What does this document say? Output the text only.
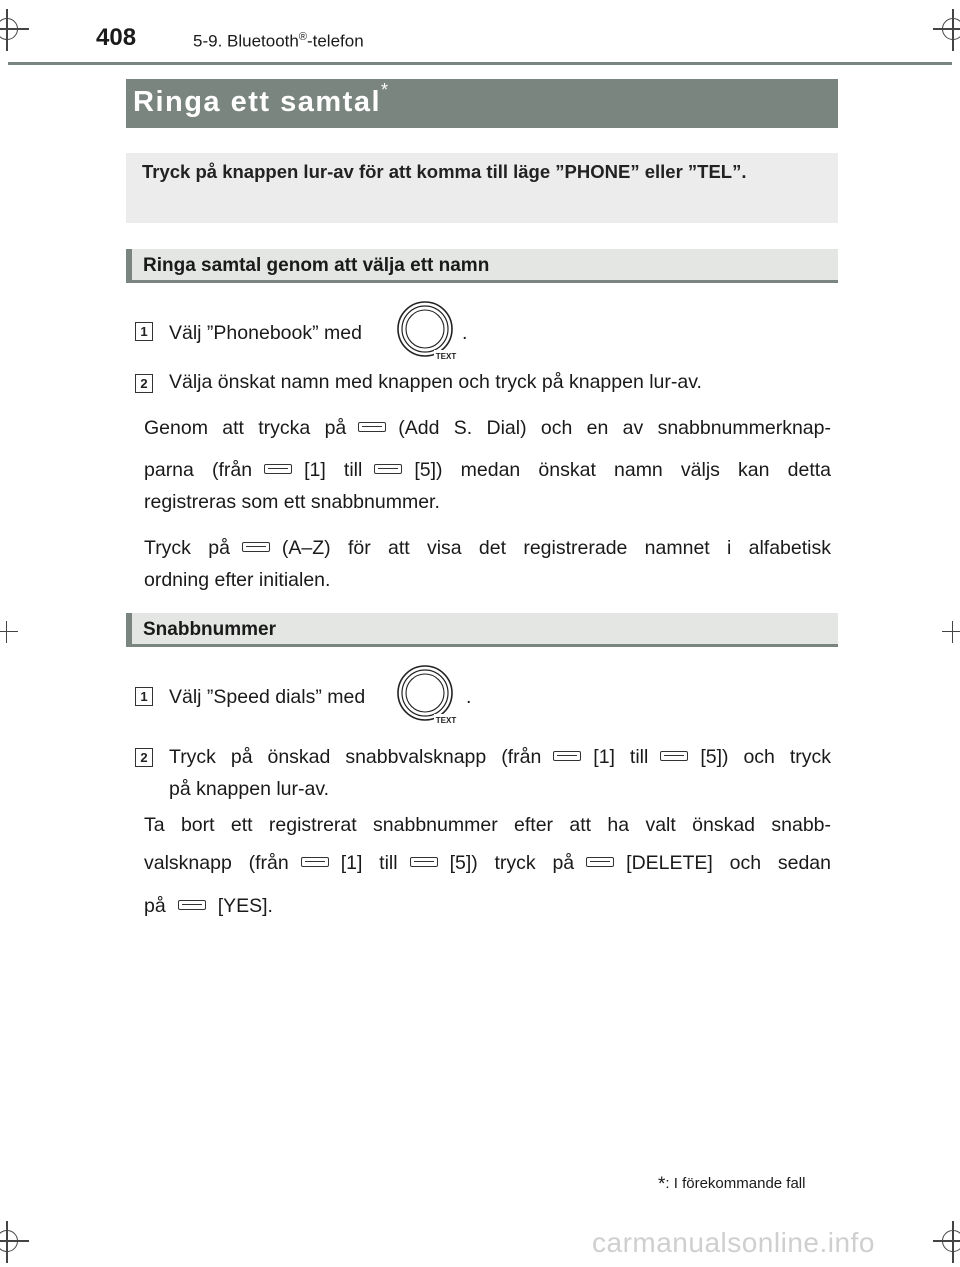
408	5-9. Bluetooth®-telefon
Ringa ett samtal*
Tryck på knappen lur-av för att komma till läge ”PHONE” eller ”TEL”.
Ringa samtal genom att välja ett namn
1 Välj ”Phonebook” med
TEXT
.
2 Välja önskat namn med knappen och tryck på knappen lur-av.
Genom att trycka på	(Add S. Dial) och en av snabbnummerknap-
parna (från	[1] till	[5]) medan önskat namn väljs kan detta
registreras som ett snabbnummer.
Tryck på	(A–Z) för att visa det registrerade namnet i alfabetisk
ordning efter initialen.
Snabbnummer
1 Välj ”Speed dials” med
TEXT
.
2 Tryck på önskad snabbvalsknapp (från	[1] till	[5]) och tryck
på knappen lur-av.
Ta bort ett registrerat snabbnummer efter att ha valt önskad snabb-
valsknapp (från	[1] till	[5]) tryck på	[DELETE] och sedan
på	[YES].
*: I förekommande fall
carmanualsonline.info
